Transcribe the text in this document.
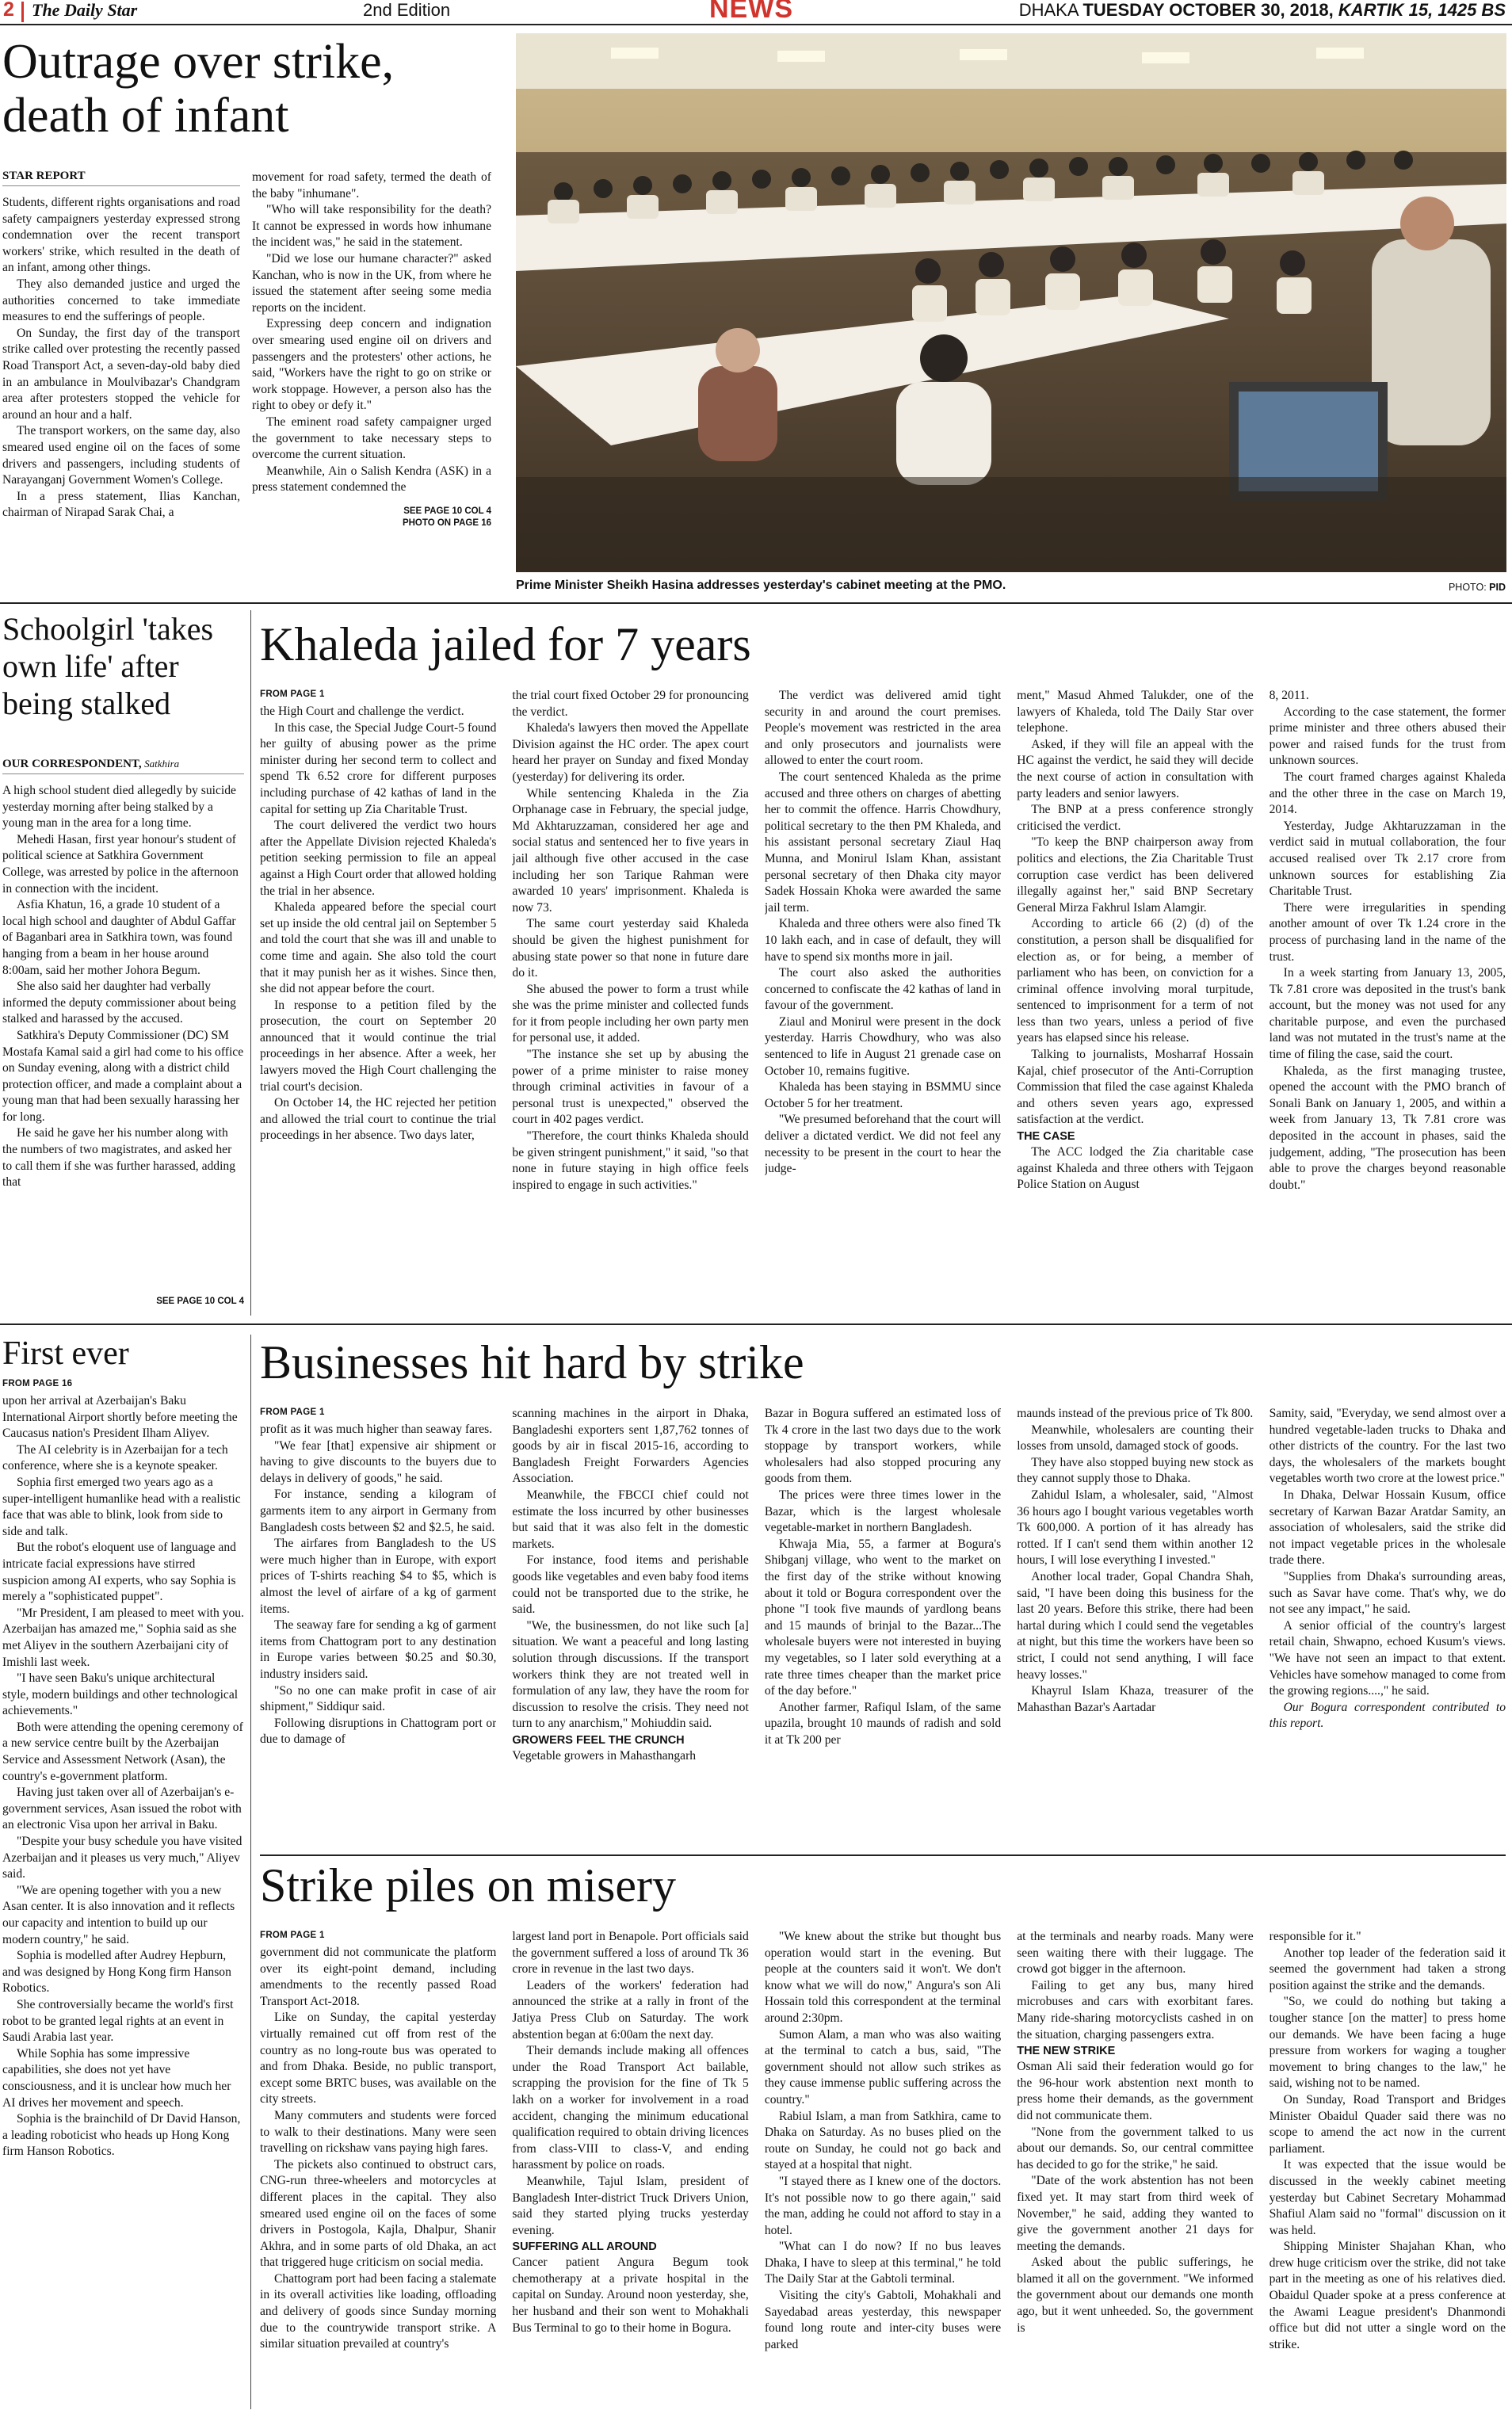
2 The Daily Star	2nd Edition	NEWS	DHAKA TUESDAY OCTOBER 30, 2018, KARTIK 15, 1425 BS
Outrage over strike, death of infant
STAR REPORT

Students, different rights organisations and road safety campaigners yesterday expressed strong condemnation over the recent transport workers' strike, which resulted in the death of an infant, among other things.

They also demanded justice and urged the authorities concerned to take immediate measures to end the sufferings of people.

On Sunday, the first day of the transport strike called over protesting the recently passed Road Transport Act, a seven-day-old baby died in an ambulance in Moulvibazar's Chandgram area after protesters stopped the vehicle for around an hour and a half.

The transport workers, on the same day, also smeared used engine oil on the faces of some drivers and passengers, including students of Narayanganj Government Women's College.

In a press statement, Ilias Kanchan, chairman of Nirapad Sarak Chai, a

movement for road safety, termed the death of the baby "inhumane".

"Who will take responsibility for the death? It cannot be expressed in words how inhumane the incident was," he said in the statement.

"Did we lose our humane character?" asked Kanchan, who is now in the UK, from where he issued the statement after seeing some media reports on the incident.

Expressing deep concern and indignation over smearing used engine oil on drivers and passengers and the protesters' other actions, he said, "Workers have the right to go on strike or work stoppage. However, a person also has the right to obey or defy it."

The eminent road safety campaigner urged the government to take necessary steps to overcome the current situation.

Meanwhile, Ain o Salish Kendra (ASK) in a press statement condemned the

SEE PAGE 10 COL 4
PHOTO ON PAGE 16
Prime Minister Sheikh Hasina addresses yesterday's cabinet meeting at the PMO.	PHOTO: PID
Schoolgirl 'takes own life' after being stalked
OUR CORRESPONDENT, Satkhira

A high school student died allegedly by suicide yesterday morning after being stalked by a young man in the area for a long time.

Mehedi Hasan, first year honour's student of political science at Satkhira Government College, was arrested by police in the afternoon in connection with the incident.

Asfia Khatun, 16, a grade 10 student of a local high school and daughter of Abdul Gaffar of Baganbari area in Satkhira town, was found hanging from a beam in her house around 8:00am, said her mother Johora Begum.

She also said her daughter had verbally informed the deputy commissioner about being stalked and harassed by the accused.

Satkhira's Deputy Commissioner (DC) SM Mostafa Kamal said a girl had come to his office on Sunday evening, along with a district child protection officer, and made a complaint about a young man that had been sexually harassing her for long.

He said he gave her his number along with the numbers of two magistrates, and asked her to call them if she was further harassed, adding that

SEE PAGE 10 COL 4
Khaleda jailed for 7 years
FROM PAGE 1

the High Court and challenge the verdict.

In this case, the Special Judge Court-5 found her guilty of abusing power as the prime minister during her second term to collect and spend Tk 6.52 crore for different purposes including purchase of 42 kathas of land in the capital for setting up Zia Charitable Trust.

The court delivered the verdict two hours after the Appellate Division rejected Khaleda's petition seeking permission to file an appeal against a High Court order that allowed holding the trial in her absence.

Khaleda appeared before the special court set up inside the old central jail on September 5 and told the court that she was ill and unable to come time and again. She also told the court that it may punish her as it wishes. Since then, she did not appear before the court.

In response to a petition filed by the prosecution, the court on September 20 announced that it would continue the trial proceedings in her absence. After a week, her lawyers moved the High Court challenging the trial court's decision.

On October 14, the HC rejected her petition and allowed the trial court to continue the trial proceedings in her absence. Two days later,

the trial court fixed October 29 for pronouncing the verdict.

Khaleda's lawyers then moved the Appellate Division against the HC order. The apex court heard her prayer on Sunday and fixed Monday (yesterday) for delivering its order.

While sentencing Khaleda in the Zia Orphanage case in February, the special judge, Md Akhtaruzzaman, considered her age and social status and sentenced her to five years in jail although five other accused in the case including her son Tarique Rahman were awarded 10 years' imprisonment. Khaleda is now 73.

The same court yesterday said Khaleda should be given the highest punishment for abusing state power so that none in future dare do it.

She abused the power to form a trust while she was the prime minister and collected funds for it from people including her own party men for personal use, it added.

"The instance she set up by abusing the power of a prime minister to raise money through criminal activities in favour of a personal trust is unexpected," observed the court in 402 pages verdict.

"Therefore, the court thinks Khaleda should be given stringent punishment," it said, "so that none in future staying in high office feels inspired to engage in such activities."

The verdict was delivered amid tight security in and around the court premises. People's movement was restricted in the area and only prosecutors and journalists were allowed to enter the court room.

The court sentenced Khaleda as the prime accused and three others on charges of abetting her to commit the offence. Harris Chowdhury, political secretary to the then PM Khaleda, and his assistant personal secretary Ziaul Haq Munna, and Monirul Islam Khan, assistant personal secretary of then Dhaka city mayor Sadek Hossain Khoka were awarded the same jail term.

Khaleda and three others were also fined Tk 10 lakh each, and in case of default, they will have to spend six months more in jail.

The court also asked the authorities concerned to confiscate the 42 kathas of land in favour of the government.

Ziaul and Monirul were present in the dock yesterday. Harris Chowdhury, who was also sentenced to life in August 21 grenade case on October 10, remains fugitive.

Khaleda has been staying in BSMMU since October 5 for her treatment.

"We presumed beforehand that the court will deliver a dictated verdict. We did not feel any necessity to be present in the court to hear the judge-

ment," Masud Ahmed Talukder, one of the lawyers of Khaleda, told The Daily Star over telephone.

Asked, if they will file an appeal with the HC against the verdict, he said they will decide the next course of action in consultation with party leaders and senior lawyers.

The BNP at a press conference strongly criticised the verdict.

"To keep the BNP chairperson away from politics and elections, the Zia Charitable Trust corruption case verdict has been delivered illegally against her," said BNP Secretary General Mirza Fakhrul Islam Alamgir.

According to article 66 (2) (d) of the constitution, a person shall be disqualified for election as, or for being, a member of parliament who has been, on conviction for a criminal offence involving moral turpitude, sentenced to imprisonment for a term of not less than two years, unless a period of five years has elapsed since his release.

Talking to journalists, Mosharraf Hossain Kajal, chief prosecutor of the Anti-Corruption Commission that filed the case against Khaleda and others seven years ago, expressed satisfaction at the verdict.

THE CASE

The ACC lodged the Zia charitable case against Khaleda and three others with Tejgaon Police Station on August

8, 2011.

According to the case statement, the former prime minister and three others abused their power and raised funds for the trust from unknown sources.

The court framed charges against Khaleda and the other three in the case on March 19, 2014.

Yesterday, Judge Akhtaruzzaman in the verdict said in mutual collaboration, the four accused realised over Tk 2.17 crore from unknown sources for establishing Zia Charitable Trust.

There were irregularities in spending another amount of over Tk 1.24 crore in the process of purchasing land in the name of the trust.

In a week starting from January 13, 2005, Tk 7.81 crore was deposited in the trust's bank account, but the money was not used for any charitable purpose, and even the purchased land was not mutated in the trust's name at the time of filing the case, said the court.

Khaleda, as the first managing trustee, opened the account with the PMO branch of Sonali Bank on January 1, 2005, and within a week from January 13, Tk 7.81 crore was deposited in the account in phases, said the judgement, adding, "The prosecution has been able to prove the charges beyond reasonable doubt."

First ever
FROM PAGE 16

upon her arrival at Azerbaijan's Baku International Airport shortly before meeting the Caucasus nation's President Ilham Aliyev.

The AI celebrity is in Azerbaijan for a tech conference, where she is a keynote speaker.

Sophia first emerged two years ago as a super-intelligent humanlike head with a realistic face that was able to blink, look from side to side and talk.

But the robot's eloquent use of language and intricate facial expressions have stirred suspicion among AI experts, who say Sophia is merely a "sophisticated puppet".

"Mr President, I am pleased to meet with you. Azerbaijan has amazed me," Sophia said as she met Aliyev in the southern Azerbaijani city of Imishli last week.

"I have seen Baku's unique architectural style, modern buildings and other technological achievements."

Both were attending the opening ceremony of a new service centre built by the Azerbaijan Service and Assessment Network (Asan), the country's e-government platform.

Having just taken over all of Azerbaijan's e-government services, Asan issued the robot with an electronic Visa upon her arrival in Baku.

"Despite your busy schedule you have visited Azerbaijan and it pleases us very much," Aliyev said.

"We are opening together with you a new Asan center. It is also innovation and it reflects our capacity and intention to build up our modern country," he said.

Sophia is modelled after Audrey Hepburn, and was designed by Hong Kong firm Hanson Robotics.

She controversially became the world's first robot to be granted legal rights at an event in Saudi Arabia last year.

While Sophia has some impressive capabilities, she does not yet have consciousness, and it is unclear how much her AI drives her movement and speech.

Sophia is the brainchild of Dr David Hanson, a leading roboticist who heads up Hong Kong firm Hanson Robotics.

Businesses hit hard by strike
FROM PAGE 1

profit as it was much higher than seaway fares.

"We fear [that] expensive air shipment or having to give discounts to the buyers due to delays in delivery of goods," he said.

For instance, sending a kilogram of garments item to any airport in Germany from Bangladesh costs between $2 and $2.5, he said.

The airfares from Bangladesh to the US were much higher than in Europe, with export prices of T-shirts reaching $4 to $5, which is almost the level of airfare of a kg of garment items.

The seaway fare for sending a kg of garment items from Chattogram port to any destination in Europe varies between $0.25 and $0.30, industry insiders said.

"So no one can make profit in case of air shipment," Siddiqur said.

Following disruptions in Chattogram port or due to damage of

scanning machines in the airport in Dhaka, Bangladeshi exporters sent 1,87,762 tonnes of goods by air in fiscal 2015-16, according to Bangladesh Freight Forwarders Agencies Association.

Meanwhile, the FBCCI chief could not estimate the loss incurred by other businesses but said that it was also felt in the domestic markets.

For instance, food items and perishable goods like vegetables and even baby food items could not be transported due to the strike, he said.

"We, the businessmen, do not like such [a] situation. We want a peaceful and long lasting solution through discussions. If the transport workers think they are not treated well in formulation of any law, they have the room for discussion to resolve the crisis. They need not turn to any anarchism," Mohiuddin said.

GROWERS FEEL THE CRUNCH

Vegetable growers in Mahasthangarh

Bazar in Bogura suffered an estimated loss of Tk 4 crore in the last two days due to the work stoppage by transport workers, while wholesalers had also stopped procuring any goods from them.

The prices were three times lower in the Bazar, which is the largest wholesale vegetable-market in northern Bangladesh.

Khwaja Mia, 55, a farmer at Bogura's Shibganj village, who went to the market on the first day of the strike without knowing about it told or Bogura correspondent over the phone "I took five maunds of yardlong beans and 15 maunds of brinjal to the Bazar...The wholesale buyers were not interested in buying my vegetables, so I later sold everything at a rate three times cheaper than the market price of the day before."

Another farmer, Rafiqul Islam, of the same upazila, brought 10 maunds of radish and sold it at Tk 200 per

maunds instead of the previous price of Tk 800.

Meanwhile, wholesalers are counting their losses from unsold, damaged stock of goods.

They have also stopped buying new stock as they cannot supply those to Dhaka.

Zahidul Islam, a wholesaler, said, "Almost 36 hours ago I bought various vegetables worth Tk 600,000. A portion of it has already has rotted. If I can't send them within another 12 hours, I will lose everything I invested."

Another local trader, Gopal Chandra Shah, said, "I have been doing this business for the last 20 years. Before this strike, there had been hartal during which I could send the vegetables at night, but this time the workers have been so strict, I could not send anything, I will face heavy losses."

Khayrul Islam Khaza, treasurer of the Mahasthan Bazar's Aartadar

Samity, said, "Everyday, we send almost over a hundred vegetable-laden trucks to Dhaka and other districts of the country. For the last two days, the wholesalers of the markets bought vegetables worth two crore at the lowest price."

In Dhaka, Delwar Hossain Kusum, office secretary of Karwan Bazar Aratdar Samity, an association of wholesalers, said the strike did not impact vegetable prices in the wholesale trade there.

"Supplies from Dhaka's surrounding areas, such as Savar have come. That's why, we do not see any impact," he said.

A senior official of the country's largest retail chain, Shwapno, echoed Kusum's views. "We have not seen an impact to that extent. Vehicles have somehow managed to come from the growing regions....," he said.

Our Bogura correspondent contributed to this report.

Strike piles on misery
FROM PAGE 1

government did not communicate the platform over its eight-point demand, including amendments to the recently passed Road Transport Act-2018.

Like on Sunday, the capital yesterday virtually remained cut off from rest of the country as no long-route bus was operated to and from Dhaka. Beside, no public transport, except some BRTC buses, was available on the city streets.

Many commuters and students were forced to walk to their destinations. Many were seen travelling on rickshaw vans paying high fares.

The pickets also continued to obstruct cars, CNG-run three-wheelers and motorcycles at different places in the capital. They also smeared used engine oil on the faces of some drivers in Postogola, Kajla, Dhalpur, Shanir Akhra, and in some parts of old Dhaka, an act that triggered huge criticism on social media.

Chattogram port had been facing a stalemate in its overall activities like loading, offloading and delivery of goods since Sunday morning due to the countrywide transport strike. A similar situation prevailed at country's

largest land port in Benapole. Port officials said the government suffered a loss of around Tk 36 crore in revenue in the last two days.

Leaders of the workers' federation had announced the strike at a rally in front of the Jatiya Press Club on Saturday. The work abstention began at 6:00am the next day.

Their demands include making all offences under the Road Transport Act bailable, scrapping the provision for the fine of Tk 5 lakh on a worker for involvement in a road accident, changing the minimum educational qualification required to obtain driving licences from class-VIII to class-V, and ending harassment by police on roads.

Meanwhile, Tajul Islam, president of Bangladesh Inter-district Truck Drivers Union, said they started plying trucks yesterday evening.

SUFFERING ALL AROUND

Cancer patient Angura Begum took chemotherapy at a private hospital in the capital on Sunday. Around noon yesterday, she, her husband and their son went to Mohakhali Bus Terminal to go to their home in Bogura.

"We knew about the strike but thought bus operation would start in the evening. But people at the counters said it won't. We don't know what we will do now," Angura's son Ali Hossain told this correspondent at the terminal around 2:30pm.

Sumon Alam, a man who was also waiting at the terminal to catch a bus, said, "The government should not allow such strikes as they cause immense public suffering across the country."

Rabiul Islam, a man from Satkhira, came to Dhaka on Saturday. As no buses plied on the route on Sunday, he could not go back and stayed at a hospital that night.

"I stayed there as I knew one of the doctors. It's not possible now to go there again," said the man, adding he could not afford to stay in a hotel.

"What can I do now? If no bus leaves Dhaka, I have to sleep at this terminal," he told The Daily Star at the Gabtoli terminal.

Visiting the city's Gabtoli, Mohakhali and Sayedabad areas yesterday, this newspaper found long route and inter-city buses were parked

at the terminals and nearby roads. Many were seen waiting there with their luggage. The crowd got bigger in the afternoon.

Failing to get any bus, many hired microbuses and cars with exorbitant fares. Many ride-sharing motorcyclists cashed in on the situation, charging passengers extra.

THE NEW STRIKE

Osman Ali said their federation would go for the 96-hour work abstention next month to press home their demands, as the government did not communicate them.

"None from the government talked to us about our demands. So, our central committee has decided to go for the strike," he said.

"Date of the work abstention has not been fixed yet. It may start from third week of November," he said, adding they wanted to give the government another 21 days for meeting the demands.

Asked about the public sufferings, he blamed it all on the government. "We informed the government about our demands one month ago, but it went unheeded. So, the government is

responsible for it."

Another top leader of the federation said it seemed the government had taken a strong position against the strike and the demands.

"So, we could do nothing but taking a tougher stance [on the matter] to press home our demands. We have been facing a huge pressure from workers for waging a tougher movement to bring changes to the law," he said, wishing not to be named.

On Sunday, Road Transport and Bridges Minister Obaidul Quader said there was no scope to amend the act now in the current parliament.

It was expected that the issue would be discussed in the weekly cabinet meeting yesterday but Cabinet Secretary Mohammad Shafiul Alam said no "formal" discussion on it was held.

Shipping Minister Shajahan Khan, who drew huge criticism over the strike, did not take part in the meeting as one of his relatives died. Obaidul Quader spoke at a press conference at the Awami League president's Dhanmondi office but did not utter a single word on the strike.
